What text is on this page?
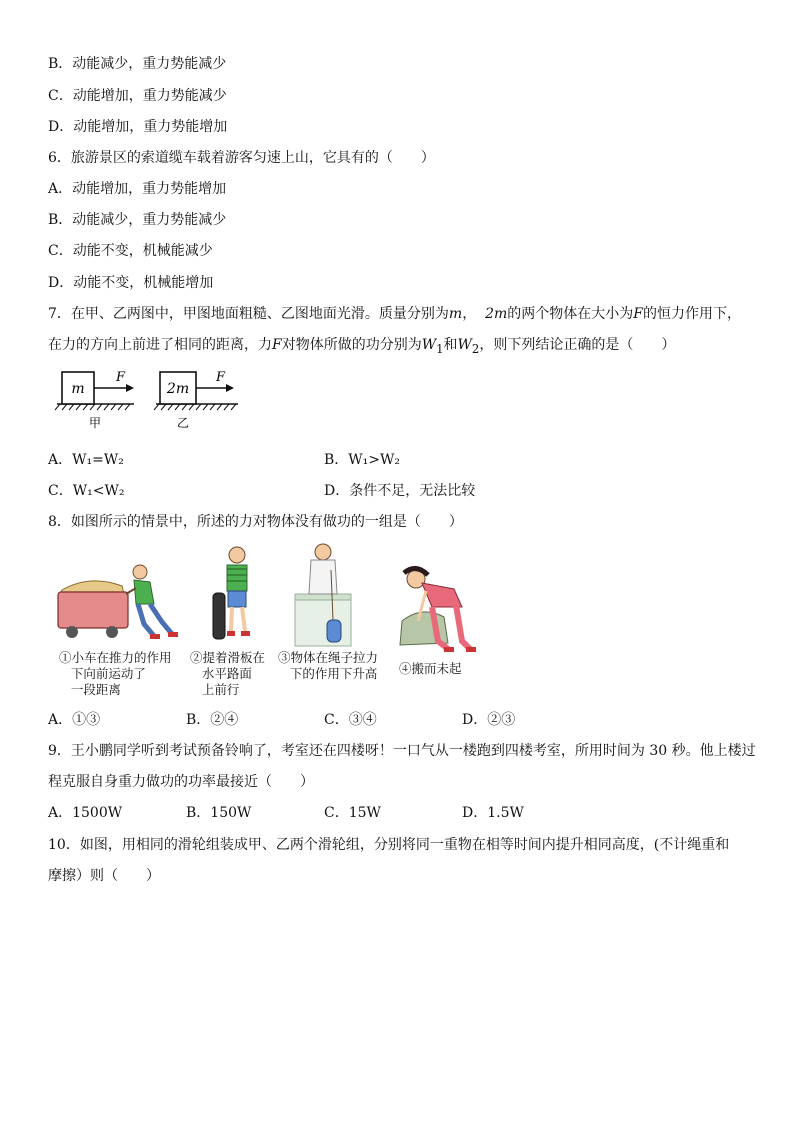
B．动能减少，重力势能减少
C．动能增加，重力势能减少
D．动能增加，重力势能增加
6．旅游景区的索道缆车载着游客匀速上山，它具有的（　　）
A．动能增加，重力势能增加
B．动能减少，重力势能减少
C．动能不变，机械能减少
D．动能不变，机械能增加
7．在甲、乙两图中，甲图地面粗糙、乙图地面光滑。质量分别为m， 2m的两个物体在大小为F的恒力作用下，
在力的方向上前进了相同的距离，力F对物体所做的功分别为$W_1$和$W_2$，则下列结论正确的是（　　）
m
F
甲
2m
F
乙
A．W₁=W₂	B．W₁>W₂
C．W₁<W₂	D．条件不足，无法比较
8．如图所示的情景中，所述的力对物体没有做功的一组是（　　）
①小车在推力的作用
下向前运动了
一段距离
②提着滑板在
水平路面
上前行
③物体在绳子拉力
下的作用下升高 ④搬而未起
A．①③	B．②④	C．③④	D．②③
9．王小鹏同学听到考试预备铃响了，考室还在四楼呀！一口气从一楼跑到四楼考室，所用时间为 30 秒。他上楼过
程克服自身重力做功的功率最接近（　　）
A．1500W	B．150W	C．15W	D．1.5W
10．如图，用相同的滑轮组装成甲、乙两个滑轮组，分别将同一重物在相等时间内提升相同高度，(不计绳重和
摩擦）则（　　）
